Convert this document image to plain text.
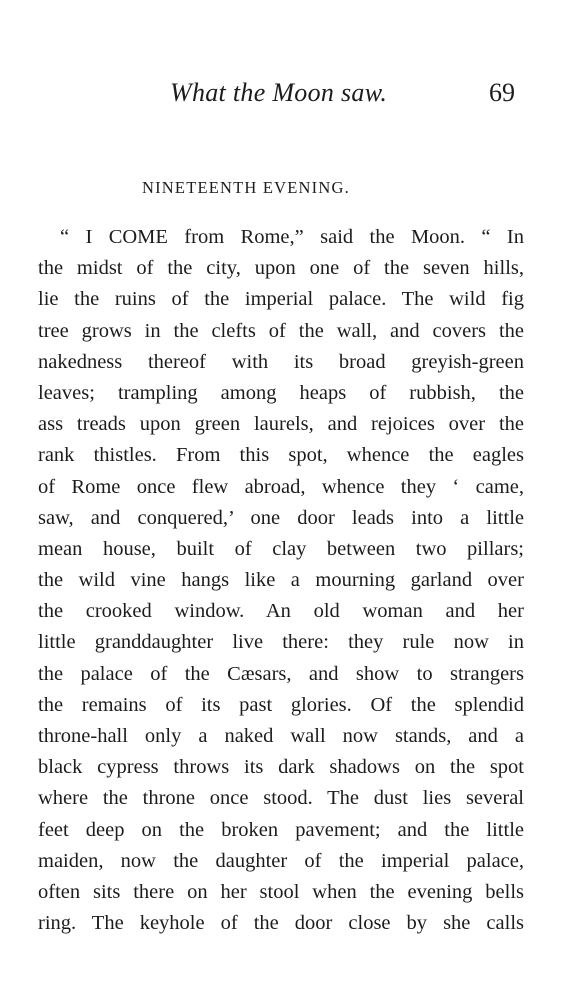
What the Moon saw.	69
NINETEENTH EVENING.
“ I COME from Rome,” said the Moon. “ In
the midst of the city, upon one of the seven hills,
lie the ruins of the imperial palace. The wild fig
tree grows in the clefts of the wall, and covers the
nakedness thereof with its broad greyish-green
leaves; trampling among heaps of rubbish, the
ass treads upon green laurels, and rejoices over the
rank thistles. From this spot, whence the eagles
of Rome once flew abroad, whence they ‘ came,
saw, and conquered,’ one door leads into a little
mean house, built of clay between two pillars;
the wild vine hangs like a mourning garland over
the crooked window. An old woman and her
little granddaughter live there: they rule now in
the palace of the Cæsars, and show to strangers
the remains of its past glories. Of the splendid
throne-hall only a naked wall now stands, and a
black cypress throws its dark shadows on the spot
where the throne once stood. The dust lies several
feet deep on the broken pavement; and the little
maiden, now the daughter of the imperial palace,
often sits there on her stool when the evening bells
ring. The keyhole of the door close by she calls
